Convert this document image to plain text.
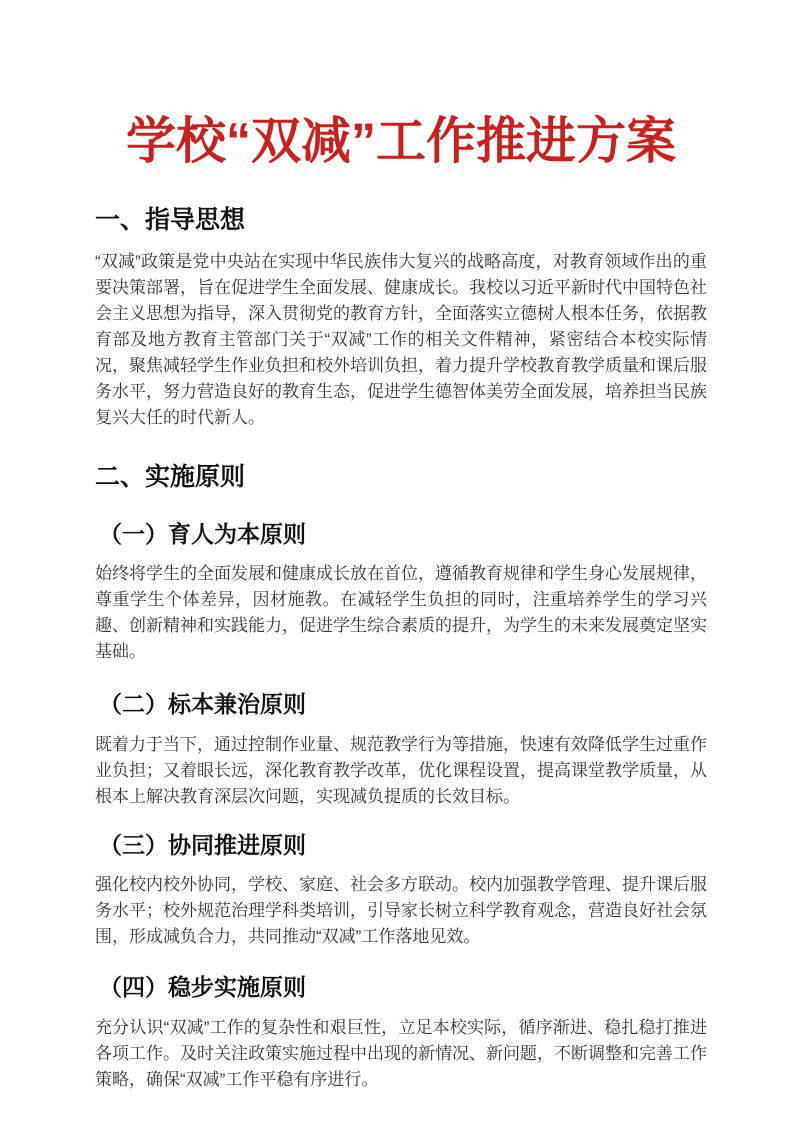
学校“双减”工作推进方案
一、指导思想

“双减”政策是党中央站在实现中华民族伟大复兴的战略高度，对教育领域作出的重要决策部署，旨在促进学生全面发展、健康成长。我校以习近平新时代中国特色社会主义思想为指导，深入贯彻党的教育方针，全面落实立德树人根本任务，依据教育部及地方教育主管部门关于“双减”工作的相关文件精神，紧密结合本校实际情况，聚焦减轻学生作业负担和校外培训负担，着力提升学校教育教学质量和课后服务水平，努力营造良好的教育生态，促进学生德智体美劳全面发展，培养担当民族复兴大任的时代新人。

二、实施原则
（一）育人为本原则

始终将学生的全面发展和健康成长放在首位，遵循教育规律和学生身心发展规律，尊重学生个体差异，因材施教。在减轻学生负担的同时，注重培养学生的学习兴趣、创新精神和实践能力，促进学生综合素质的提升，为学生的未来发展奠定坚实基础。

（二）标本兼治原则

既着力于当下，通过控制作业量、规范教学行为等措施，快速有效降低学生过重作业负担；又着眼长远，深化教育教学改革，优化课程设置，提高课堂教学质量，从根本上解决教育深层次问题，实现减负提质的长效目标。

（三）协同推进原则

强化校内校外协同，学校、家庭、社会多方联动。校内加强教学管理、提升课后服务水平；校外规范治理学科类培训，引导家长树立科学教育观念，营造良好社会氛围，形成减负合力，共同推动“双减”工作落地见效。

（四）稳步实施原则

充分认识“双减”工作的复杂性和艰巨性，立足本校实际，循序渐进、稳扎稳打推进各项工作。及时关注政策实施过程中出现的新情况、新问题，不断调整和完善工作策略，确保“双减”工作平稳有序进行。
